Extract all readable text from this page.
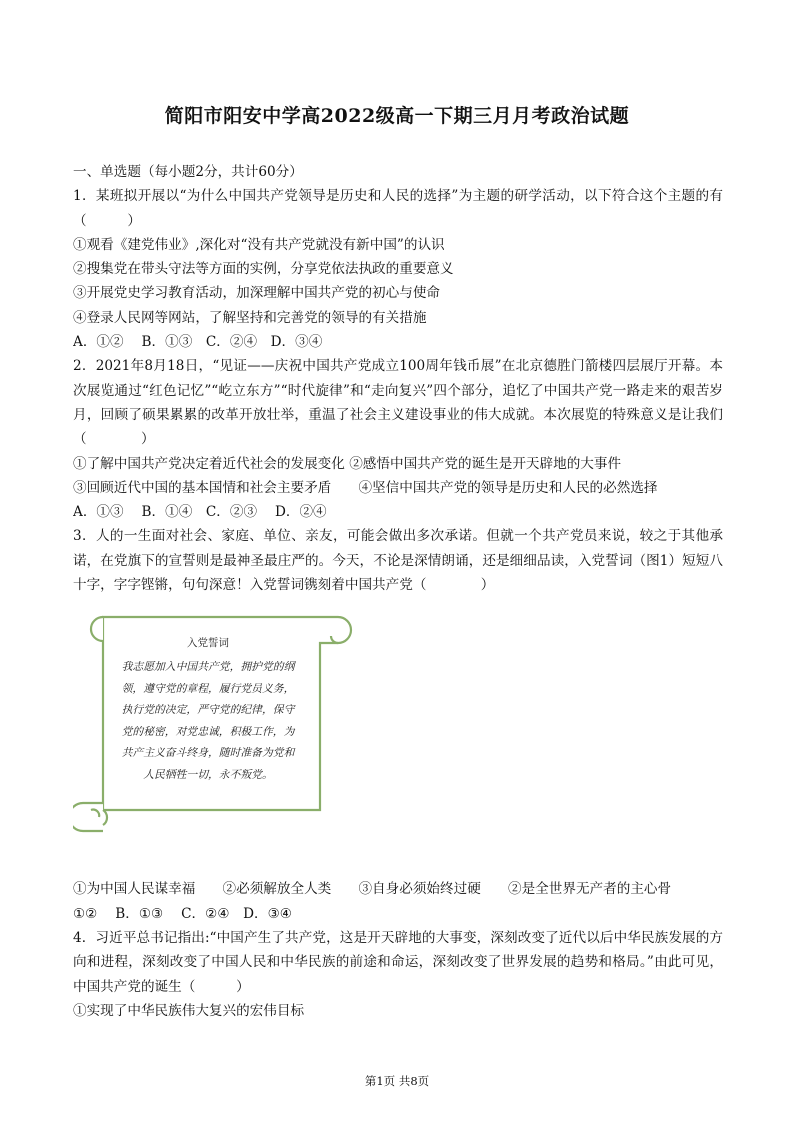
简阳市阳安中学高2022级高一下期三月月考政治试题
一、单选题（每小题2分，共计60分）
1．某班拟开展以“为什么中国共产党领导是历史和人民的选择”为主题的研学活动，以下符合这个主题的有（　　　）
①观看《建党伟业》,深化对“没有共产党就没有新中国”的认识
②搜集党在带头守法等方面的实例，分享党依法执政的重要意义
③开展党史学习教育活动，加深理解中国共产党的初心与使命
④登录人民网等网站，了解坚持和完善党的领导的有关措施
A．①②　 B．①③　C．②④　D．③④
2．2021年8月18日，“见证——庆祝中国共产党成立100周年钱币展”在北京德胜门箭楼四层展厅开幕。本次展览通过“红色记忆”“屹立东方”“时代旋律”和“走向复兴”四个部分，追忆了中国共产党一路走来的艰苦岁月，回顾了硕果累累的改革开放壮举，重温了社会主义建设事业的伟大成就。本次展览的特殊意义是让我们（　　　　）
①了解中国共产党决定着近代社会的发展变化 ②感悟中国共产党的诞生是开天辟地的大事件
③回顾近代中国的基本国情和社会主要矛盾　　④坚信中国共产党的领导是历史和人民的必然选择
A．①③　 B．①④　C．②③　 D．②④
3．人的一生面对社会、家庭、单位、亲友，可能会做出多次承诺。但就一个共产党员来说，较之于其他承诺，在党旗下的宣誓则是最神圣最庄严的。今天，不论是深情朗诵，还是细细品读，入党誓词（图1）短短八十字，字字铿锵，句句深意！入党誓词镌刻着中国共产党（　　　　）
入党誓词
我志愿加入中国共产党，拥护党的纲
领，遵守党的章程，履行党员义务，
执行党的决定，严守党的纪律，保守
党的秘密，对党忠诚，积极工作，为
共产主义奋斗终身，随时准备为党和
人民牺牲一切，永不叛党。
①为中国人民谋幸福　　②必须解放全人类　　③自身必须始终过硬　　②是全世界无产者的主心骨
①②　 B．①③　 C．②④　D．③④
4．习近平总书记指出:“中国产生了共产党，这是开天辟地的大事变，深刻改变了近代以后中华民族发展的方向和进程，深刻改变了中国人民和中华民族的前途和命运，深刻改变了世界发展的趋势和格局。”由此可见，中国共产党的诞生（　　　）
①实现了中华民族伟大复兴的宏伟目标
第1页 共8页
